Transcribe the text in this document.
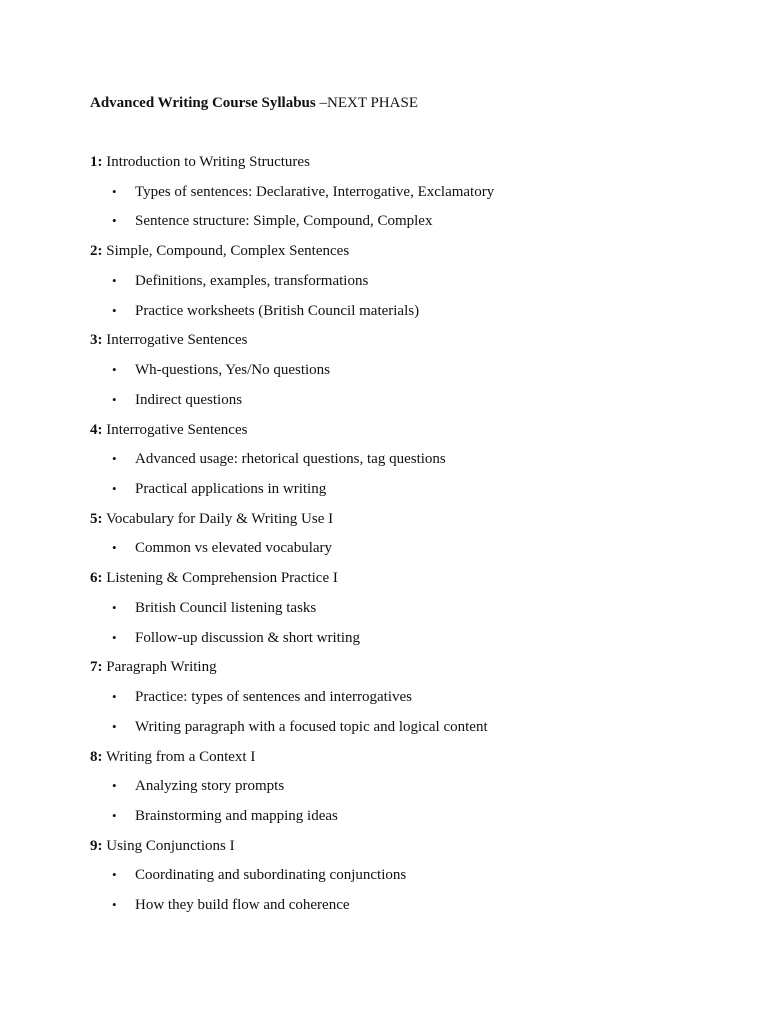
Advanced Writing Course Syllabus –NEXT PHASE
1: Introduction to Writing Structures
•	Types of sentences: Declarative, Interrogative, Exclamatory
•	Sentence structure: Simple, Compound, Complex
2: Simple, Compound, Complex Sentences
•	Definitions, examples, transformations
•	Practice worksheets (British Council materials)
3: Interrogative Sentences
•	Wh-questions, Yes/No questions
•	Indirect questions
4: Interrogative Sentences
•	Advanced usage: rhetorical questions, tag questions
•	Practical applications in writing
5: Vocabulary for Daily & Writing Use I
•	Common vs elevated vocabulary
6: Listening & Comprehension Practice I
•	British Council listening tasks
•	Follow-up discussion & short writing
7: Paragraph Writing
•	Practice: types of sentences and interrogatives
•	Writing paragraph with a focused topic and logical content
8: Writing from a Context I
•	Analyzing story prompts
•	Brainstorming and mapping ideas
9: Using Conjunctions I
•	Coordinating and subordinating conjunctions
•	How they build flow and coherence
